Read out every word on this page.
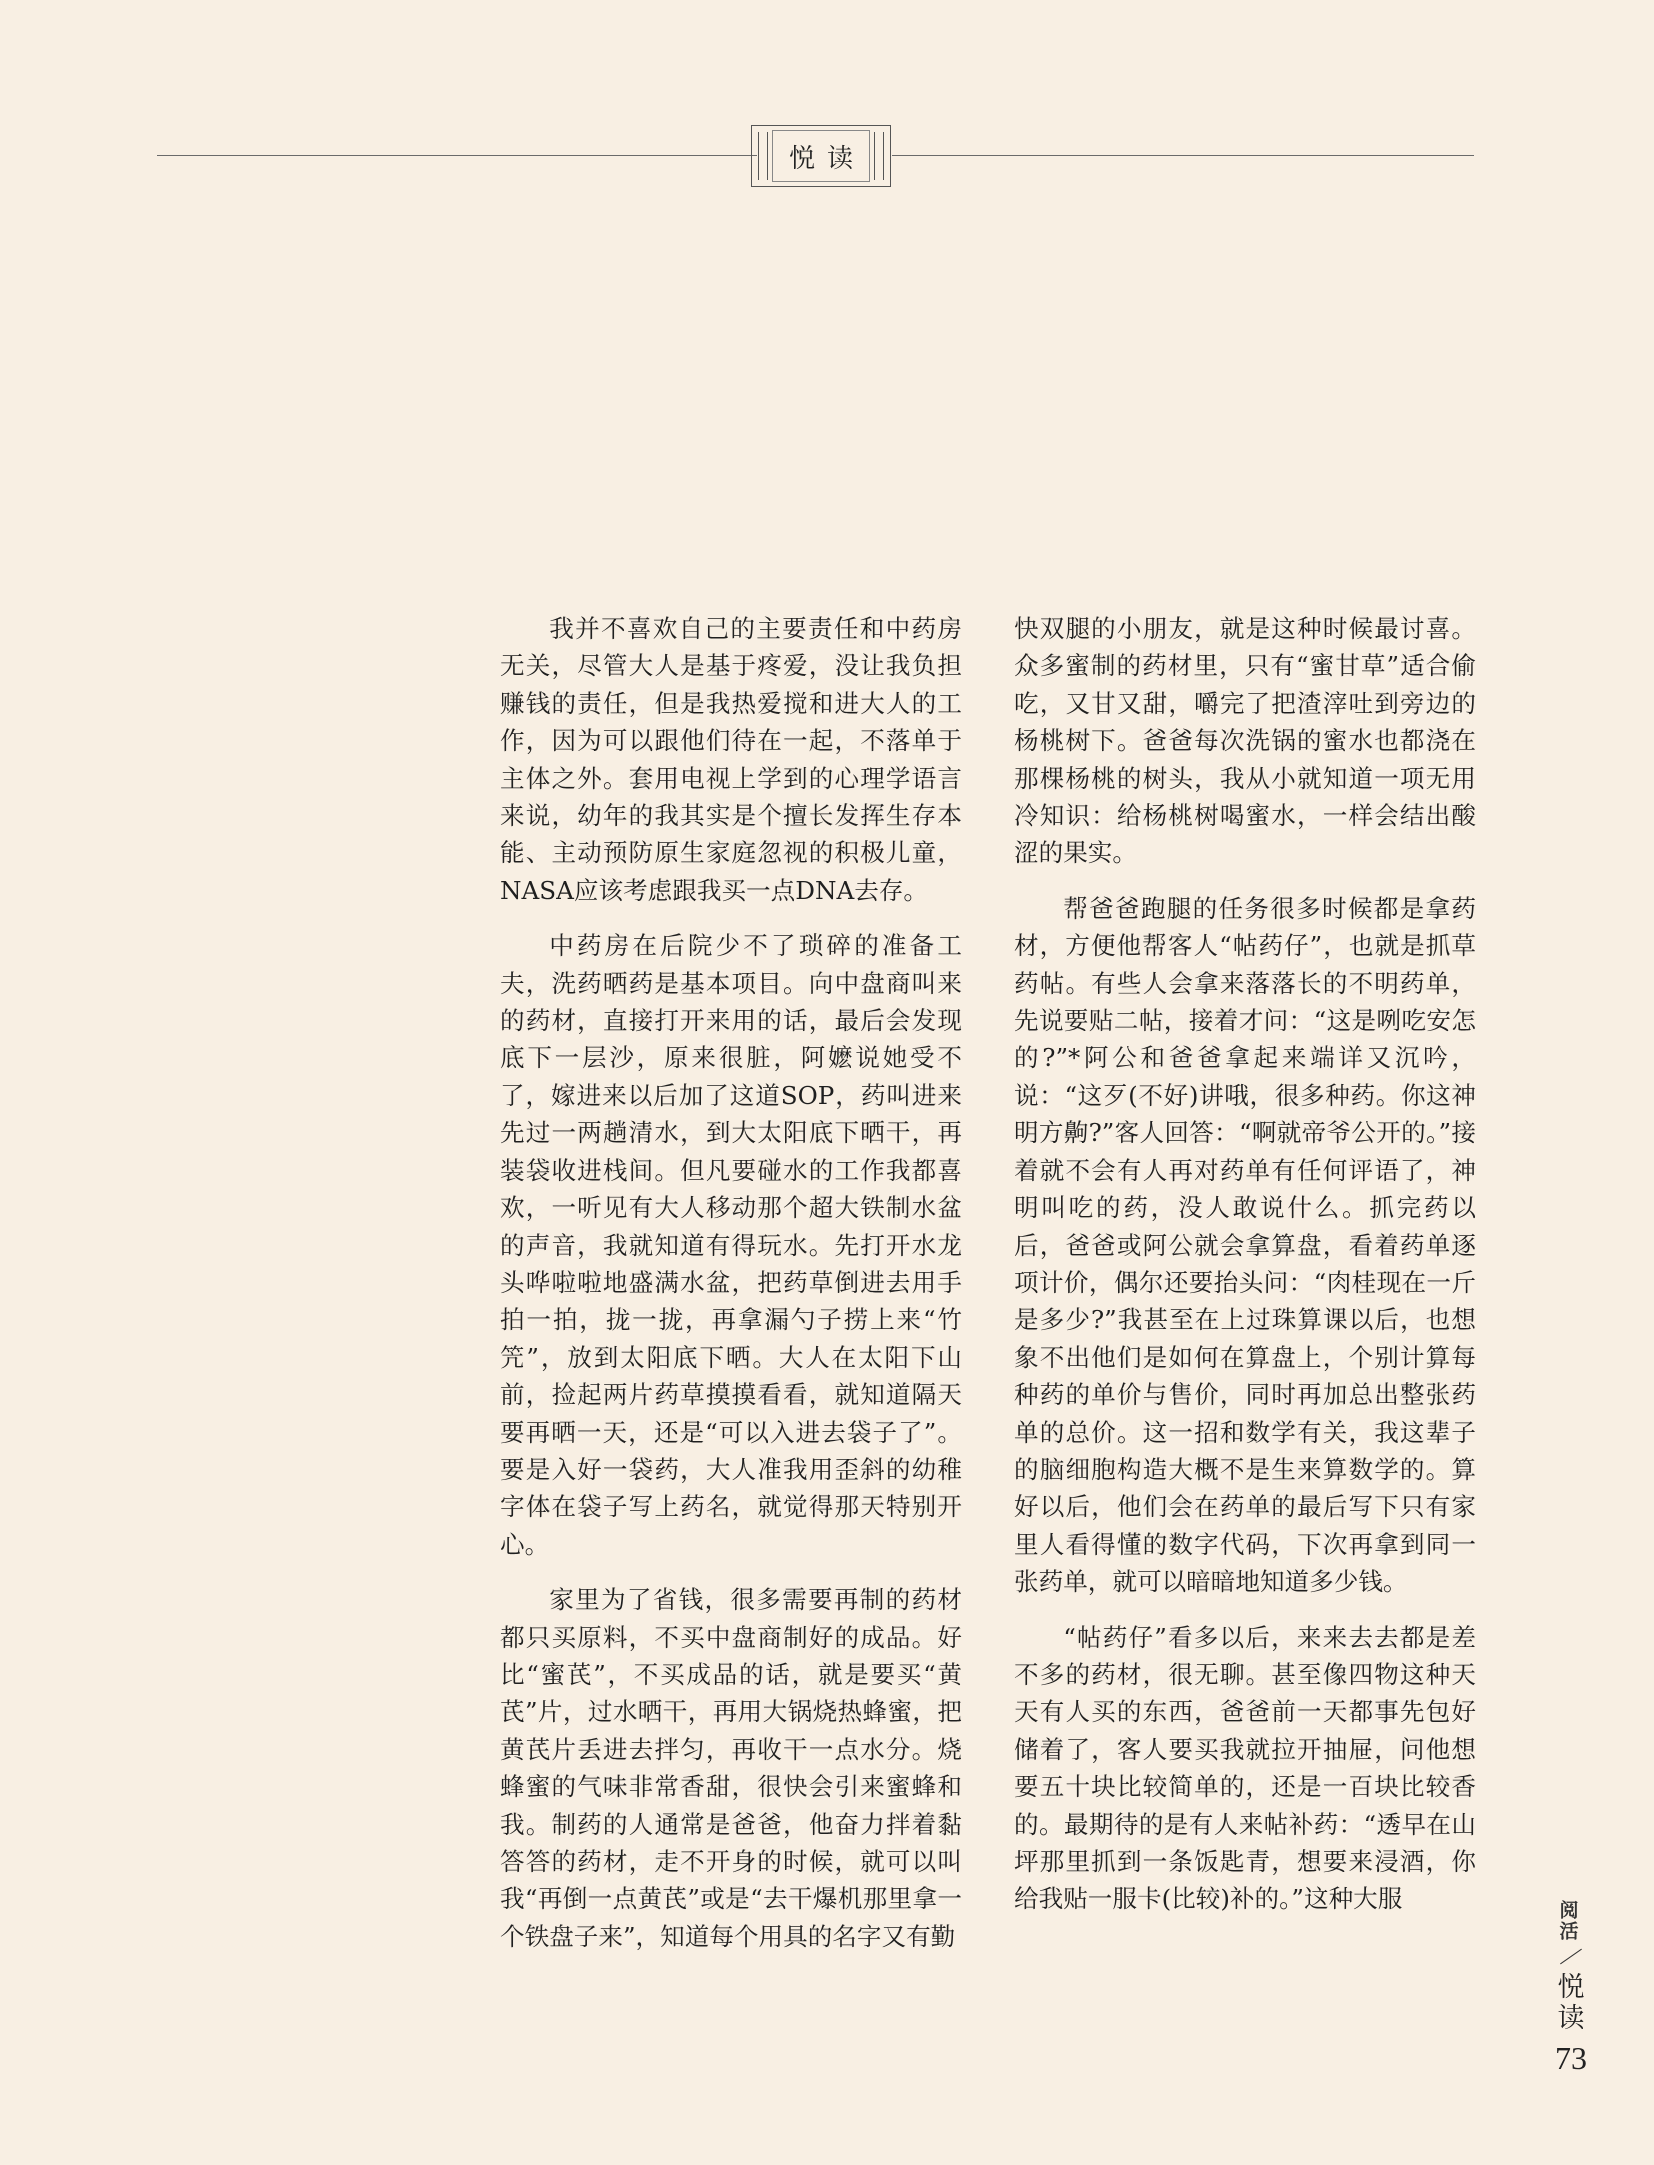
悦读

我并不喜欢自己的主要责任和中药房无关，尽管大人是基于疼爱，没让我负担赚钱的责任，但是我热爱搅和进大人的工作，因为可以跟他们待在一起，不落单于主体之外。套用电视上学到的心理学语言来说，幼年的我其实是个擅长发挥生存本能、主动预防原生家庭忽视的积极儿童，NASA应该考虑跟我买一点DNA去存。

中药房在后院少不了琐碎的准备工夫，洗药晒药是基本项目。向中盘商叫来的药材，直接打开来用的话，最后会发现底下一层沙，原来很脏，阿嬷说她受不了，嫁进来以后加了这道SOP，药叫进来先过一两趟清水，到大太阳底下晒干，再装袋收进栈间。但凡要碰水的工作我都喜欢，一听见有大人移动那个超大铁制水盆的声音，我就知道有得玩水。先打开水龙头哗啦啦地盛满水盆，把药草倒进去用手拍一拍，拢一拢，再拿漏勺子捞上来“竹笐”，放到太阳底下晒。大人在太阳下山前，捡起两片药草摸摸看看，就知道隔天要再晒一天，还是“可以入进去袋子了”。要是入好一袋药，大人准我用歪斜的幼稚字体在袋子写上药名，就觉得那天特别开心。

家里为了省钱，很多需要再制的药材都只买原料，不买中盘商制好的成品。好比“蜜芪”，不买成品的话，就是要买“黄芪”片，过水晒干，再用大锅烧热蜂蜜，把黄芪片丢进去拌匀，再收干一点水分。烧蜂蜜的气味非常香甜，很快会引来蜜蜂和我。制药的人通常是爸爸，他奋力拌着黏答答的药材，走不开身的时候，就可以叫我“再倒一点黄芪”或是“去干爆机那里拿一个铁盘子来”，知道每个用具的名字又有勤

快双腿的小朋友，就是这种时候最讨喜。众多蜜制的药材里，只有“蜜甘草”适合偷吃，又甘又甜，嚼完了把渣滓吐到旁边的杨桃树下。爸爸每次洗锅的蜜水也都浇在那棵杨桃的树头，我从小就知道一项无用冷知识：给杨桃树喝蜜水，一样会结出酸涩的果实。

帮爸爸跑腿的任务很多时候都是拿药材，方便他帮客人“帖药仔”，也就是抓草药帖。有些人会拿来落落长的不明药单，先说要贴二帖，接着才问：“这是咧吃安怎的?”*阿公和爸爸拿起来端详又沉吟，说：“这歹(不好)讲哦，很多种药。你这神明方齁?”客人回答：“啊就帝爷公开的。”接着就不会有人再对药单有任何评语了，神明叫吃的药，没人敢说什么。抓完药以后，爸爸或阿公就会拿算盘，看着药单逐项计价，偶尔还要抬头问：“肉桂现在一斤是多少?”我甚至在上过珠算课以后，也想象不出他们是如何在算盘上，个别计算每种药的单价与售价，同时再加总出整张药单的总价。这一招和数学有关，我这辈子的脑细胞构造大概不是生来算数学的。算好以后，他们会在药单的最后写下只有家里人看得懂的数字代码，下次再拿到同一张药单，就可以暗暗地知道多少钱。

“帖药仔”看多以后，来来去去都是差不多的药材，很无聊。甚至像四物这种天天有人买的东西，爸爸前一天都事先包好储着了，客人要买我就拉开抽屉，问他想要五十块比较简单的，还是一百块比较香的。最期待的是有人来帖补药：“透早在山坪那里抓到一条饭匙青，想要来浸酒，你给我贴一服卡(比较)补的。”这种大服

阅活
悦读
73
